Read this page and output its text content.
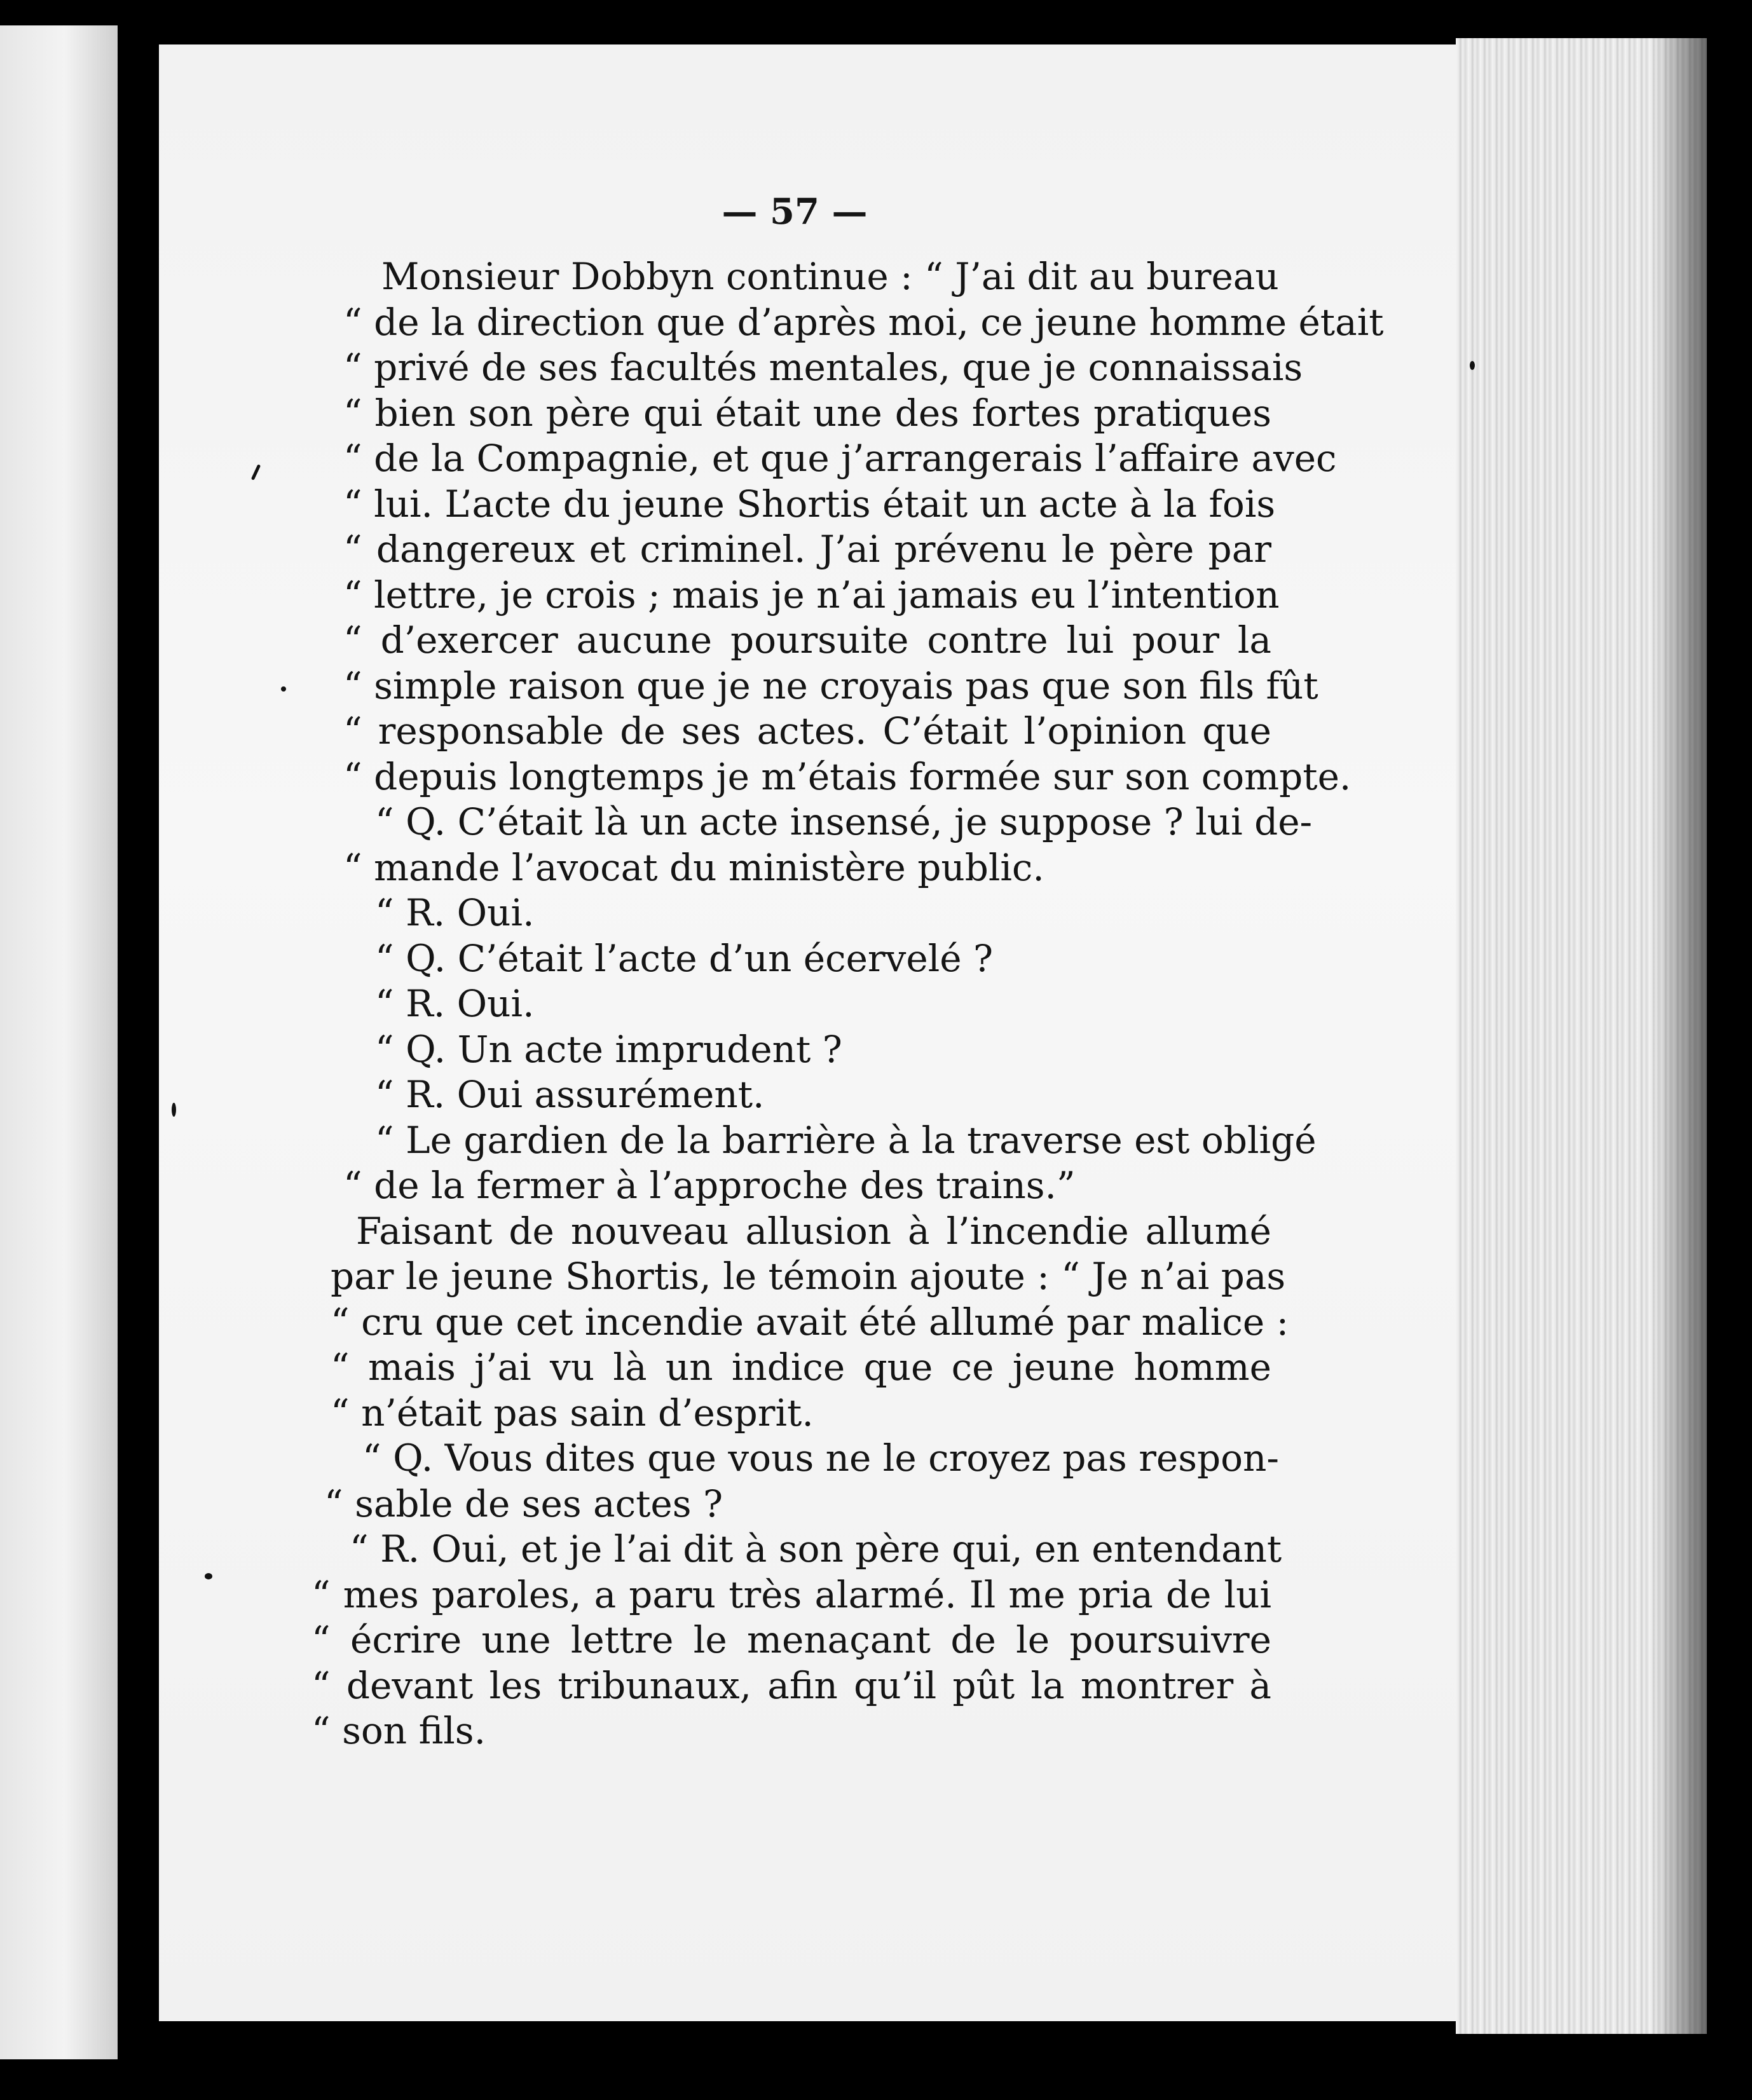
— 57 —
Monsieur Dobbyn continue : “ J’ai dit au bureau
“ de la direction que d’après moi, ce jeune homme était
“ privé de ses facultés mentales, que je connaissais
“ bien son père qui était une des fortes pratiques
“ de la Compagnie, et que j’arrangerais l’affaire avec
“ lui. L’acte du jeune Shortis était un acte à la fois
“ dangereux et criminel. J’ai prévenu le père par
“ lettre, je crois ; mais je n’ai jamais eu l’intention
“ d’exercer aucune poursuite contre lui pour la
“ simple raison que je ne croyais pas que son fils fût
“ responsable de ses actes. C’était l’opinion que
“ depuis longtemps je m’étais formée sur son compte.
“ Q. C’était là un acte insensé, je suppose ? lui de-
“ mande l’avocat du ministère public.
“ R. Oui.
“ Q. C’était l’acte d’un écervelé ?
“ R. Oui.
“ Q. Un acte imprudent ?
“ R. Oui assurément.
“ Le gardien de la barrière à la traverse est obligé
“ de la fermer à l’approche des trains.”
Faisant de nouveau allusion à l’incendie allumé
par le jeune Shortis, le témoin ajoute : “ Je n’ai pas
“ cru que cet incendie avait été allumé par malice :
“ mais j’ai vu là un indice que ce jeune homme
“ n’était pas sain d’esprit.
“ Q. Vous dites que vous ne le croyez pas respon-
“ sable de ses actes ?
“ R. Oui, et je l’ai dit à son père qui, en entendant
“ mes paroles, a paru très alarmé. Il me pria de lui
“ écrire une lettre le menaçant de le poursuivre
“ devant les tribunaux, afin qu’il pût la montrer à
“ son fils.
